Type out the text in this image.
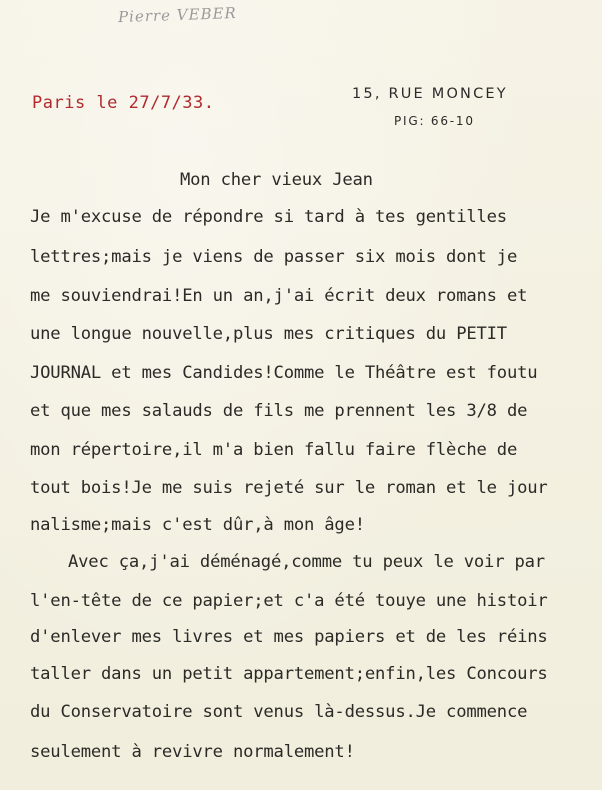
Pierre VEBER
Paris le 27/7/33.	15, RUE MONCEY
PIG: 66-10
Mon cher vieux Jean
Je m'excuse de répondre si tard à tes gentilles
lettres;mais je viens de passer six mois dont je
me souviendrai!En un an,j'ai écrit deux romans et
une longue nouvelle,plus mes critiques du PETIT
JOURNAL et mes Candides!Comme le Théâtre est foutu
et que mes salauds de fils me prennent les 3/8 de
mon répertoire,il m'a bien fallu faire flèche de
tout bois!Je me suis rejeté sur le roman et le jour
nalisme;mais c'est dûr,à mon âge!
Avec ça,j'ai déménagé,comme tu peux le voir par
l'en-tête de ce papier;et c'a été touye une histoir
d'enlever mes livres et mes papiers et de les réins
taller dans un petit appartement;enfin,les Concours
du Conservatoire sont venus là-dessus.Je commence
seulement à revivre normalement!
